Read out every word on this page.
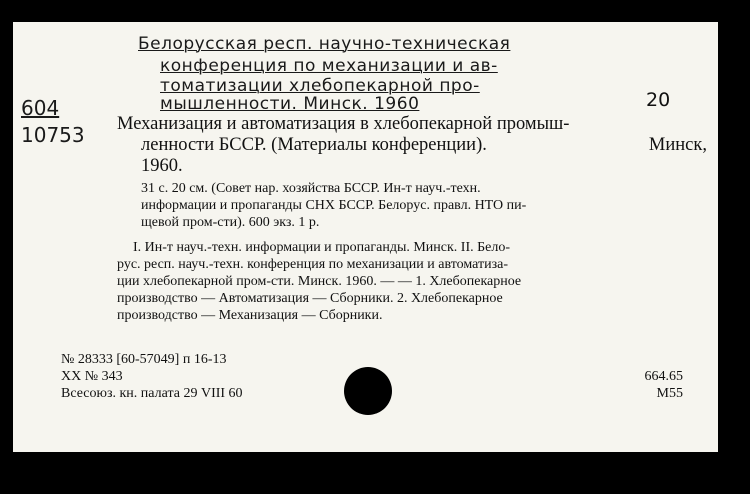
Белорусская респ. научно-техническая
конференция по механизации и ав-
томатизации хлебопекарной про-
мышленности. Минск. 1960	20
604
10753 Механизация и автоматизация в хлебопекарной промыш-
ленности БССР. (Материалы конференции).	Минск,
1960.
31 с. 20 см. (Совет нар. хозяйства БССР. Ин-т науч.-техн.
информации и пропаганды СНХ БССР. Белорус. правл. НТО пи-
щевой пром-сти). 600 экз. 1 р.
I. Ин-т науч.-техн. информации и пропаганды. Минск. II. Бело-
рус. респ. науч.-техн. конференция по механизации и автоматиза-
ции хлебопекарной пром-сти. Минск. 1960. — — 1. Хлебопекарное
производство — Автоматизация — Сборники. 2. Хлебопекарное
производство — Механизация — Сборники.
№ 28333 [60-57049] п 16-13
XX № 343	664.65
Всесоюз. кн. палата 29 VIII 60	М55
